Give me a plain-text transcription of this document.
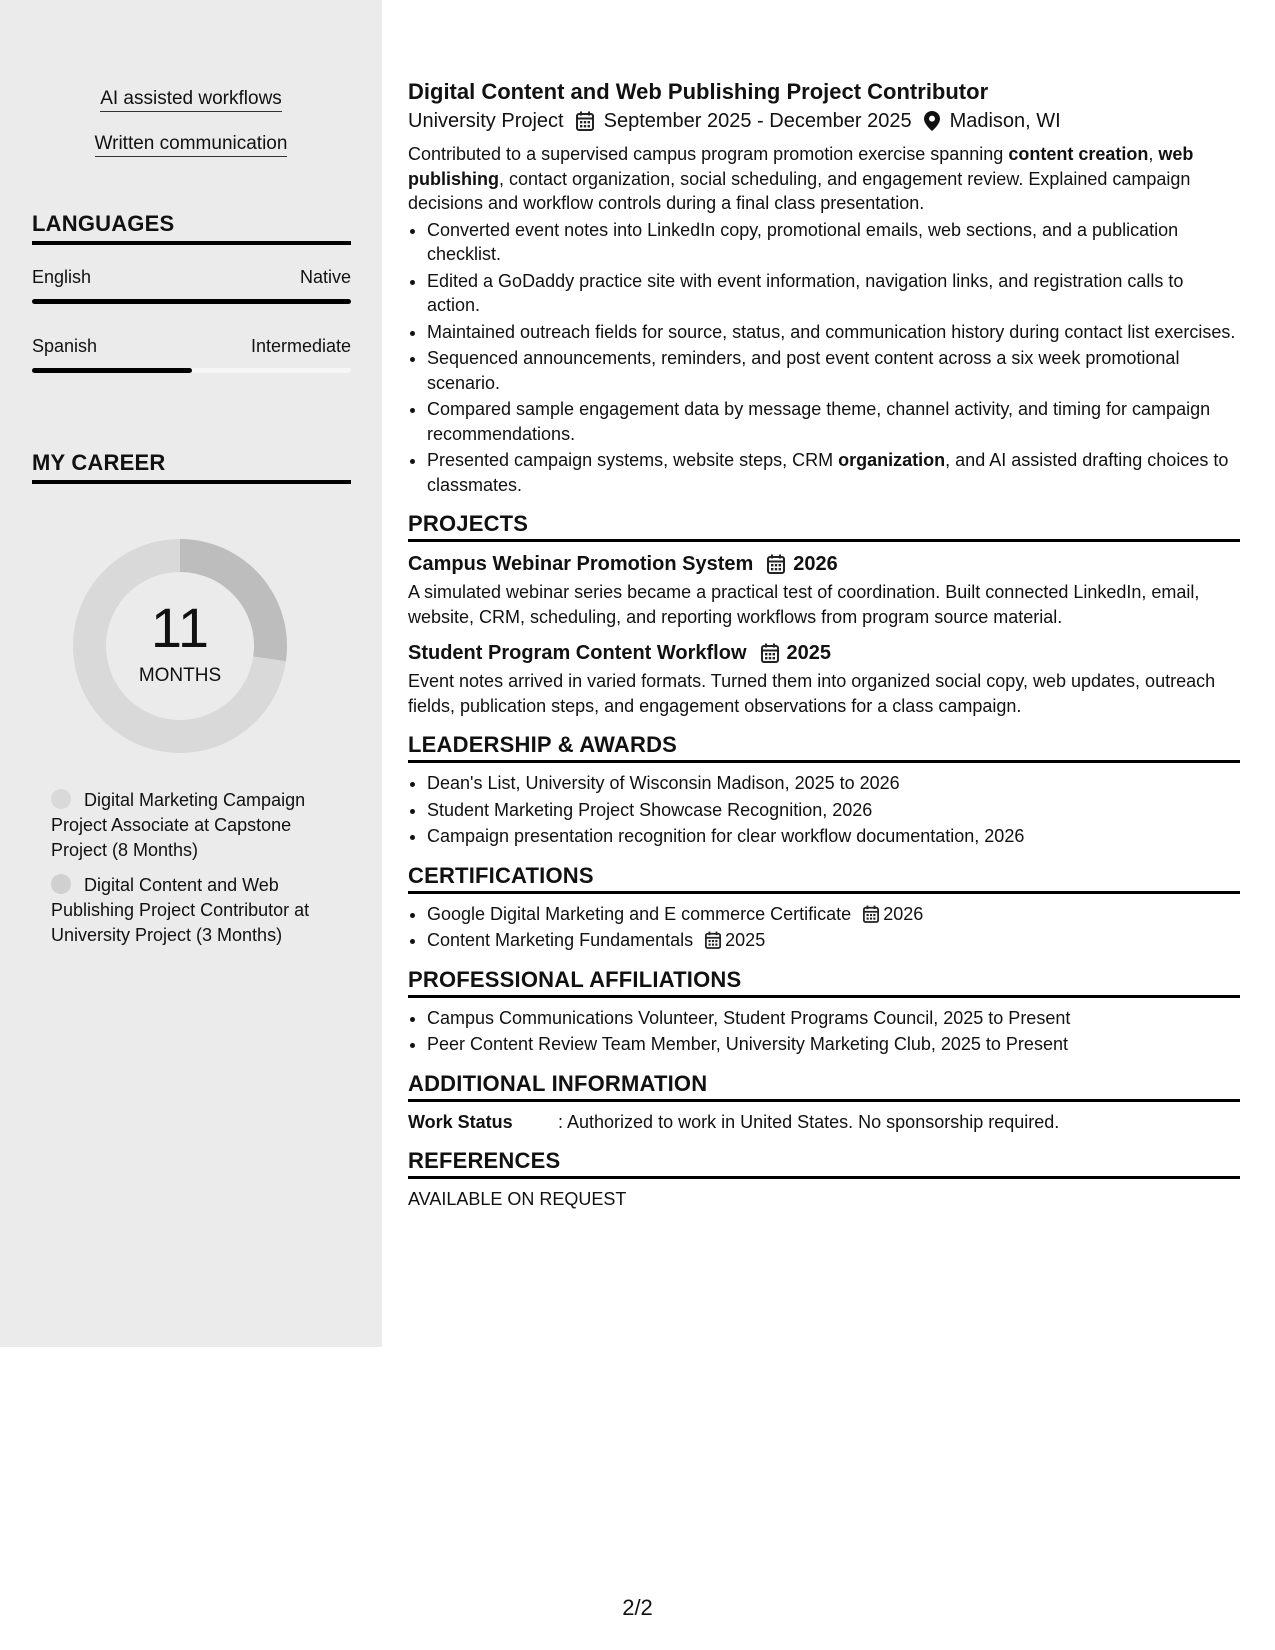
AI assisted workflows
Written communication
LANGUAGES
English	Native
Spanish	Intermediate
MY CAREER
11
MONTHS
Digital Marketing Campaign Project Associate at Capstone Project (8 Months)
Digital Content and Web Publishing Project Contributor at University Project (3 Months)
Digital Content and Web Publishing Project Contributor
University Project September 2025 - December 2025 Madison, WI

Contributed to a supervised campus program promotion exercise spanning content creation, web publishing, contact organization, social scheduling, and engagement review. Explained campaign decisions and workflow controls during a final class presentation.

• Converted event notes into LinkedIn copy, promotional emails, web sections, and a publication checklist.
• Edited a GoDaddy practice site with event information, navigation links, and registration calls to action.
• Maintained outreach fields for source, status, and communication history during contact list exercises.
• Sequenced announcements, reminders, and post event content across a six week promotional scenario.
• Compared sample engagement data by message theme, channel activity, and timing for campaign recommendations.
• Presented campaign systems, website steps, CRM organization, and AI assisted drafting choices to classmates.
PROJECTS
Campus Webinar Promotion System 2026
A simulated webinar series became a practical test of coordination. Built connected LinkedIn, email, website, CRM, scheduling, and reporting workflows from program source material.
Student Program Content Workflow 2025
Event notes arrived in varied formats. Turned them into organized social copy, web updates, outreach fields, publication steps, and engagement observations for a class campaign.
LEADERSHIP & AWARDS
• Dean's List, University of Wisconsin Madison, 2025 to 2026
• Student Marketing Project Showcase Recognition, 2026
• Campaign presentation recognition for clear workflow documentation, 2026
CERTIFICATIONS
• Google Digital Marketing and E commerce Certificate 2026
• Content Marketing Fundamentals 2025
PROFESSIONAL AFFILIATIONS
• Campus Communications Volunteer, Student Programs Council, 2025 to Present
• Peer Content Review Team Member, University Marketing Club, 2025 to Present
ADDITIONAL INFORMATION
Work Status	: Authorized to work in United States. No sponsorship required.
REFERENCES
AVAILABLE ON REQUEST
2/2
